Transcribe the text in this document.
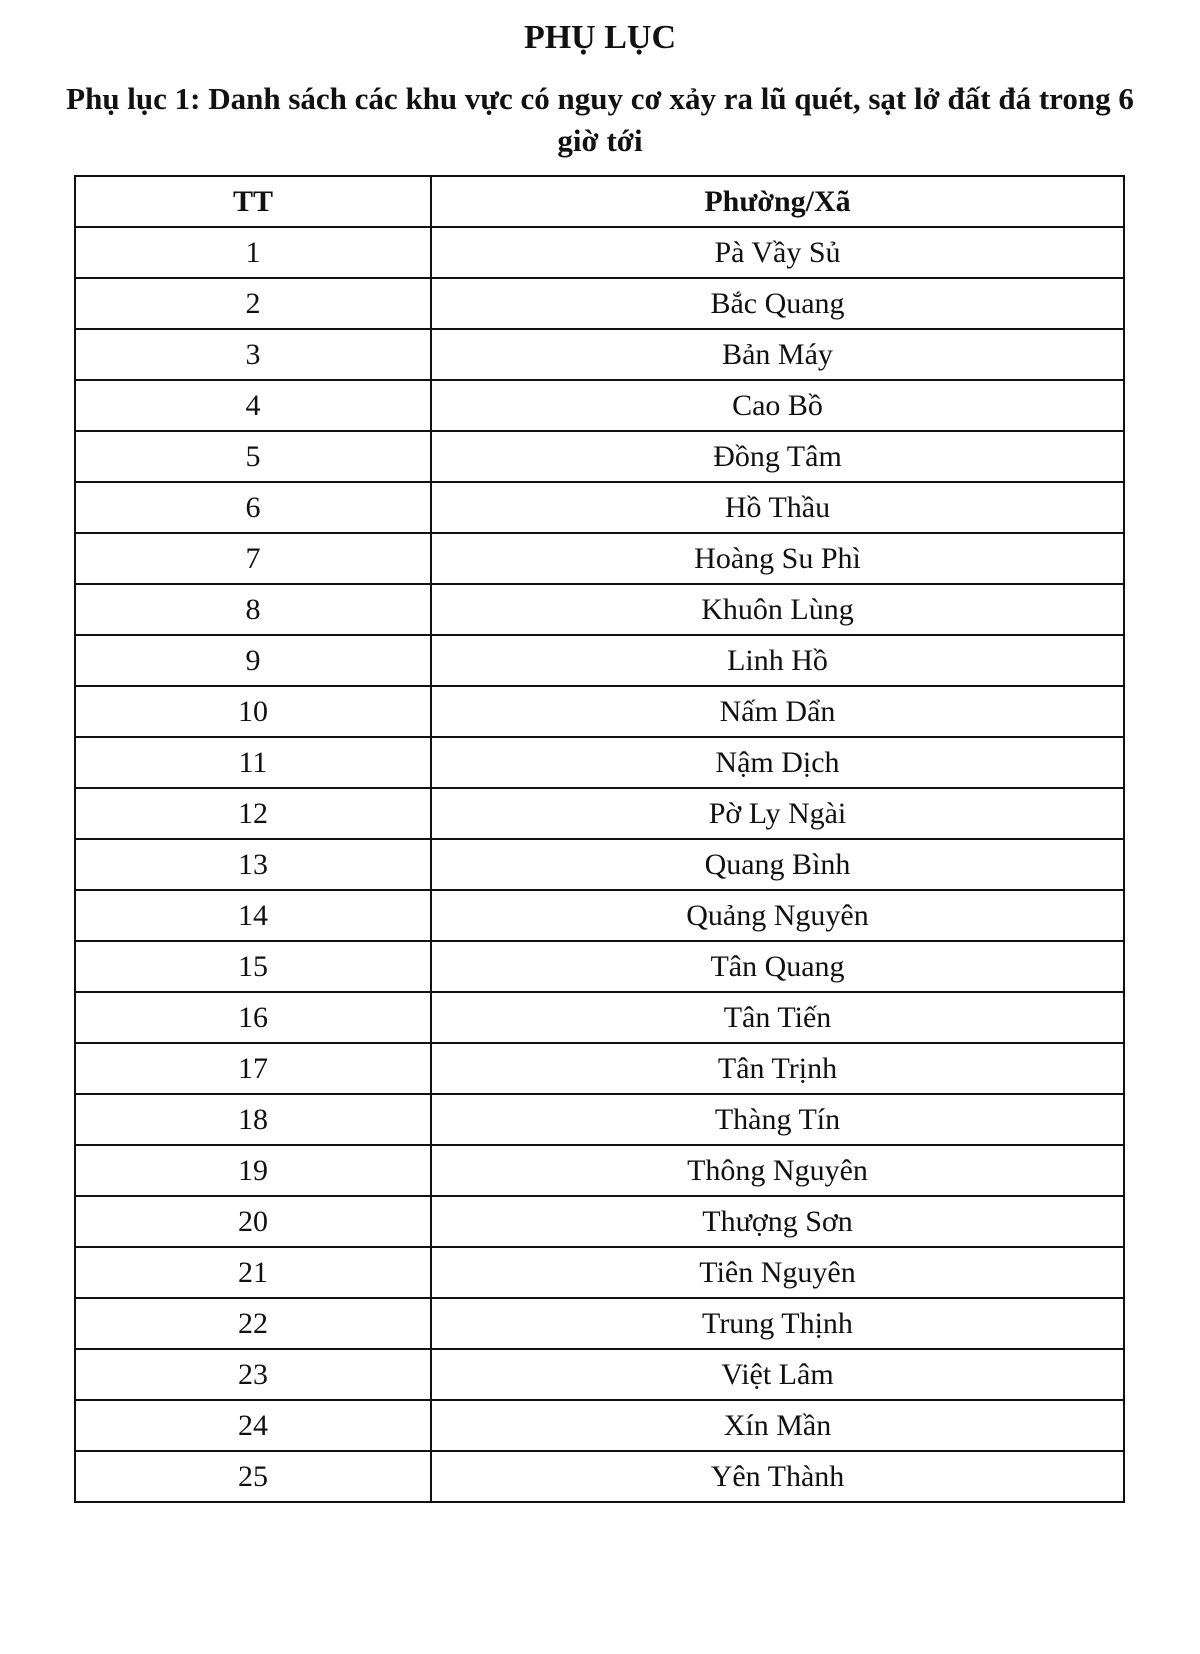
PHỤ LỤC
Phụ lục 1: Danh sách các khu vực có nguy cơ xảy ra lũ quét, sạt lở đất đá trong 6
giờ tới
TT	Phường/Xã
1	Pà Vầy Sủ
2	Bắc Quang
3	Bản Máy
4	Cao Bồ
5	Đồng Tâm
6	Hồ Thầu
7	Hoàng Su Phì
8	Khuôn Lùng
9	Linh Hồ
10	Nấm Dẩn
11	Nậm Dịch
12	Pờ Ly Ngài
13	Quang Bình
14	Quảng Nguyên
15	Tân Quang
16	Tân Tiến
17	Tân Trịnh
18	Thàng Tín
19	Thông Nguyên
20	Thượng Sơn
21	Tiên Nguyên
22	Trung Thịnh
23	Việt Lâm
24	Xín Mần
25	Yên Thành
